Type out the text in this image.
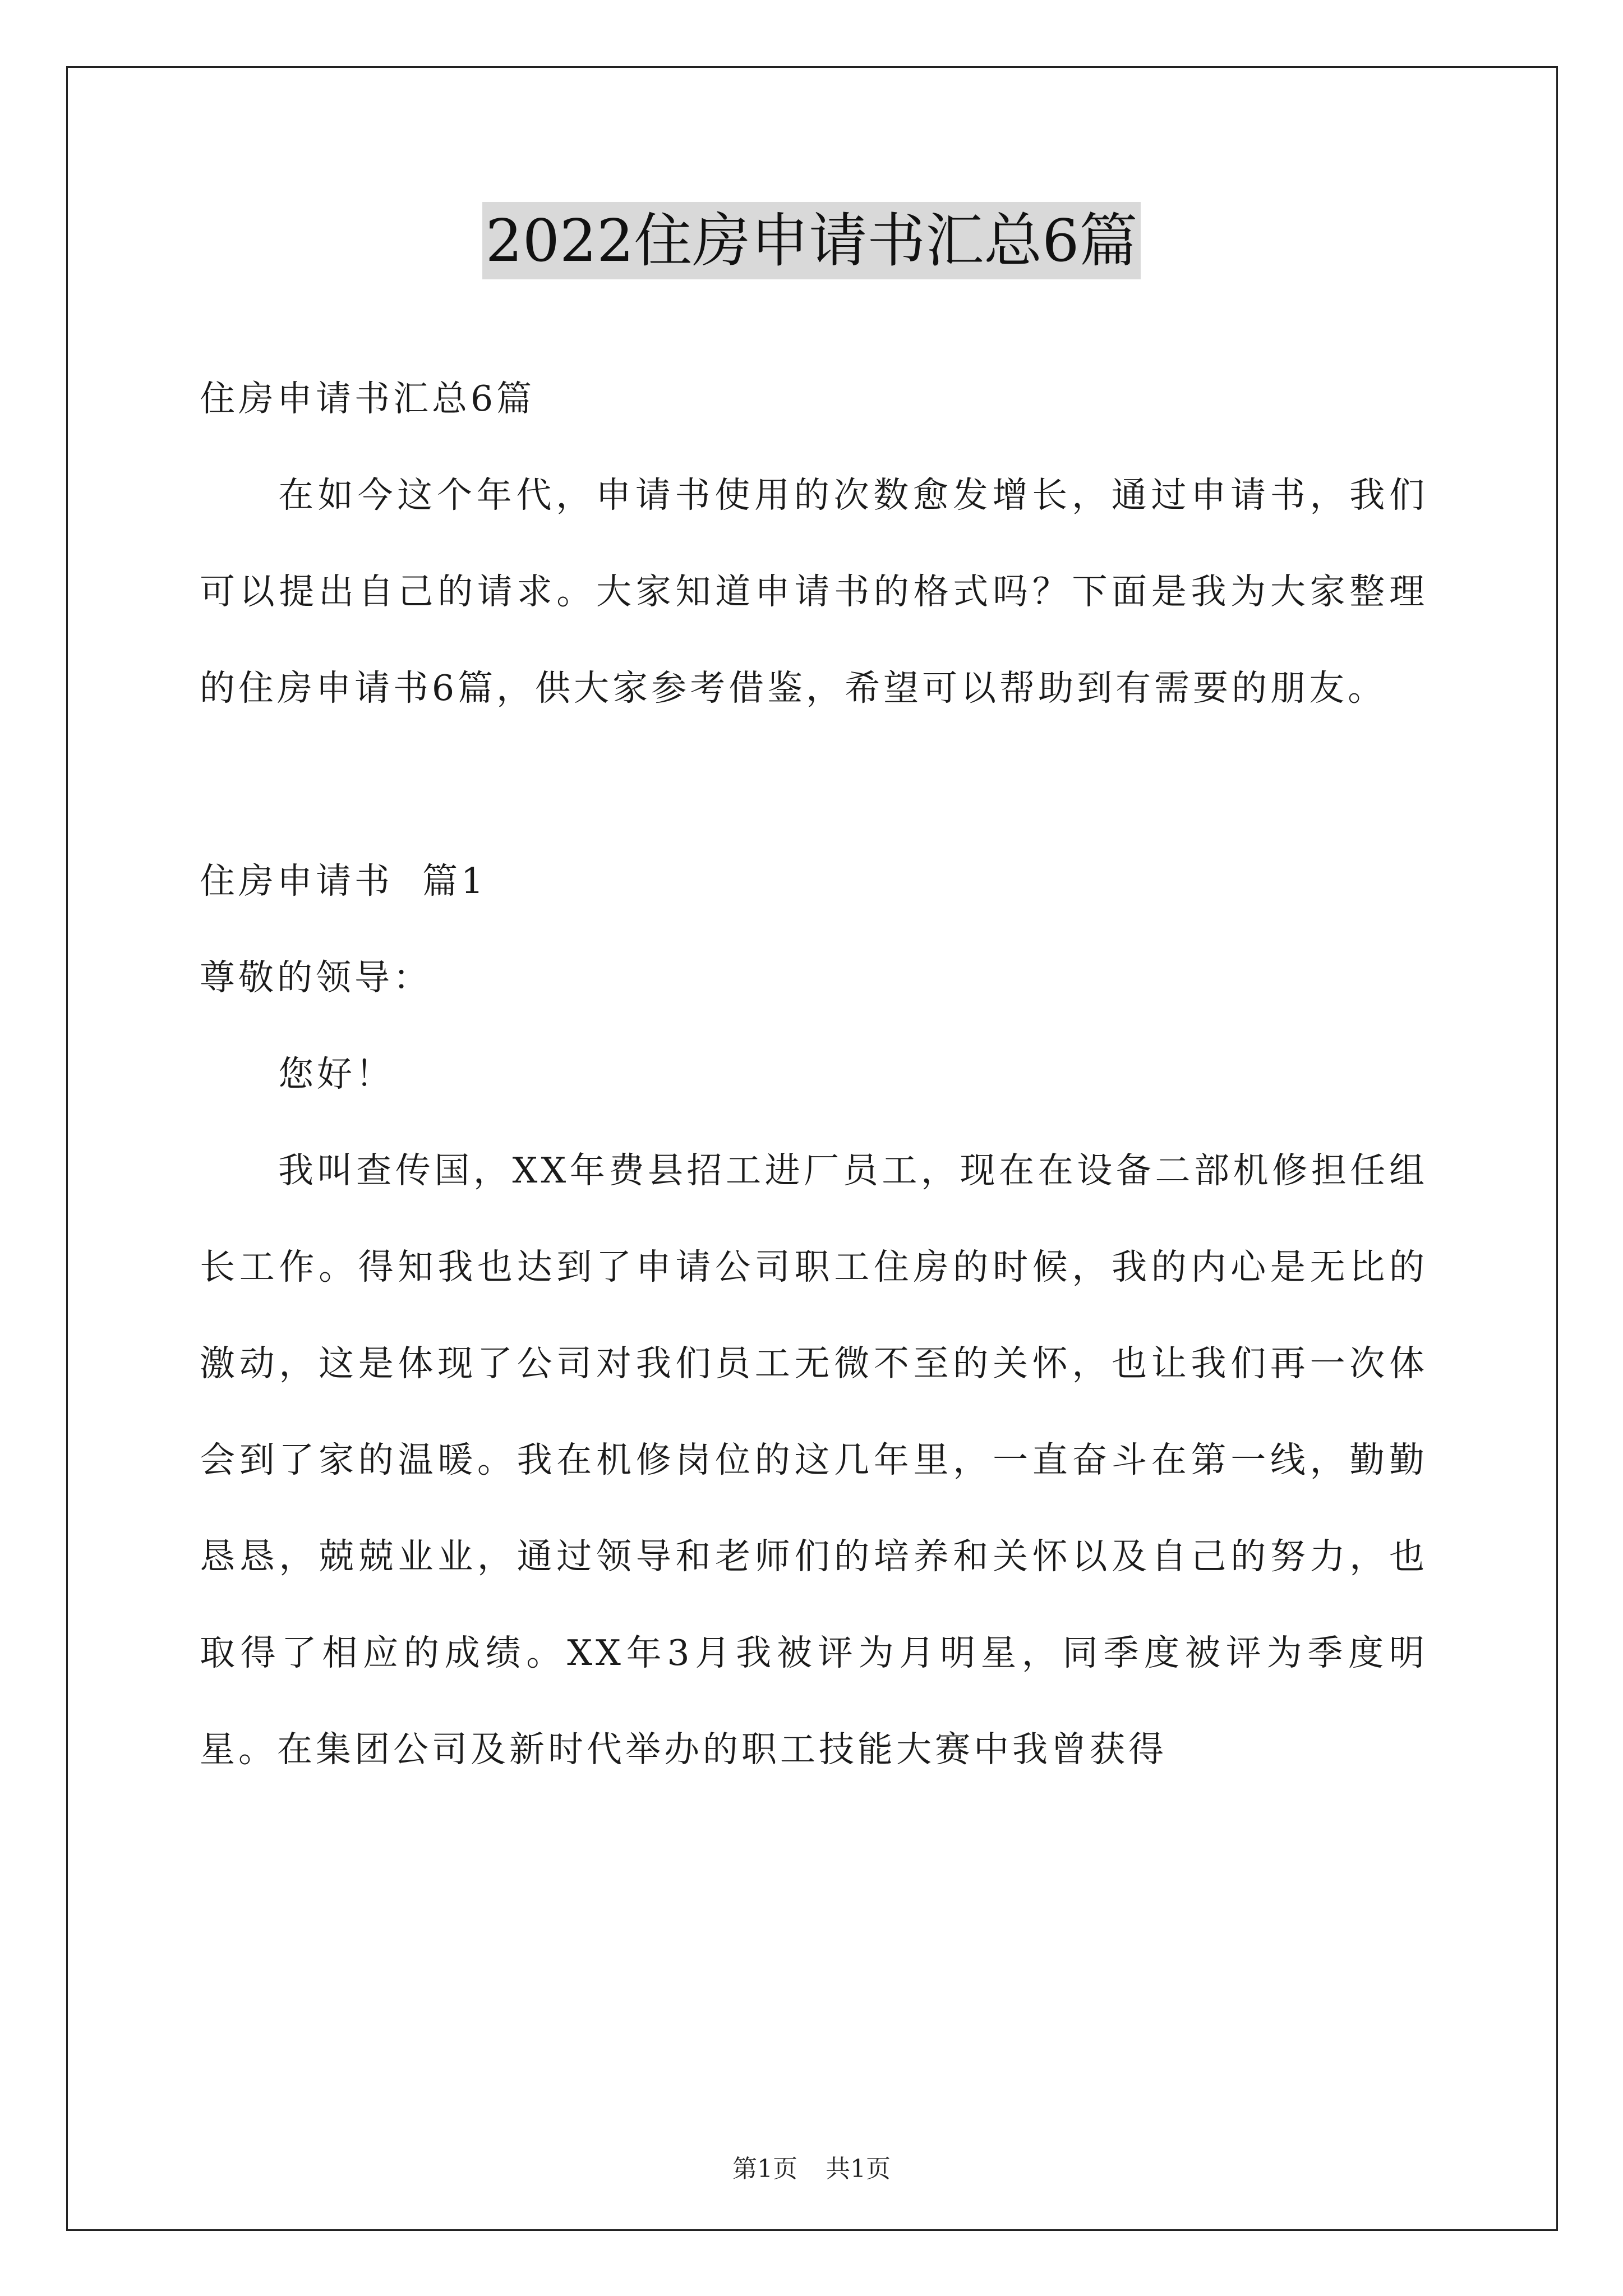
2022住房申请书汇总6篇

住房申请书汇总6篇

在如今这个年代，申请书使用的次数愈发增长，通过申请书，我们可以提出自己的请求。大家知道申请书的格式吗？下面是我为大家整理的住房申请书6篇，供大家参考借鉴，希望可以帮助到有需要的朋友。

住房申请书  篇1

尊敬的领导：

您好！

我叫查传国，XX年费县招工进厂员工，现在在设备二部机修担任组长工作。得知我也达到了申请公司职工住房的时候，我的内心是无比的激动，这是体现了公司对我们员工无微不至的关怀，也让我们再一次体会到了家的温暖。我在机修岗位的这几年里，一直奋斗在第一线，勤勤恳恳，兢兢业业，通过领导和老师们的培养和关怀以及自己的努力，也取得了相应的成绩。XX年3月我被评为月明星，同季度被评为季度明星。在集团公司及新时代举办的职工技能大赛中我曾获得

第1页 共1页
